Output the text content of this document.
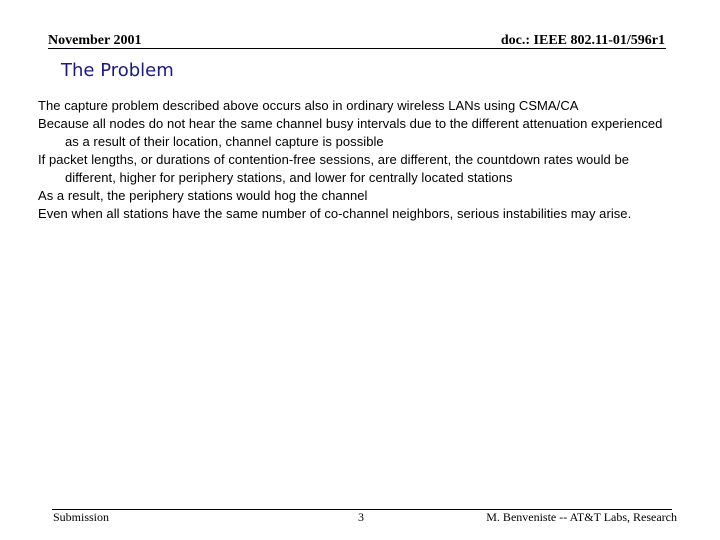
November 2001	doc.: IEEE 802.11-01/596r1
The Problem
The capture problem described above occurs also in ordinary wireless LANs using CSMA/CA
Because all nodes do not hear the same channel busy intervals due to the different attenuation experienced as a result of their location, channel capture is possible
If packet lengths, or durations of contention-free sessions, are different, the countdown rates would be different, higher for periphery stations, and lower for centrally located stations
As a result, the periphery stations would hog the channel
Even when all stations have the same number of co-channel neighbors, serious instabilities may arise.
Submission	3	M. Benveniste -- AT&T Labs, Research
